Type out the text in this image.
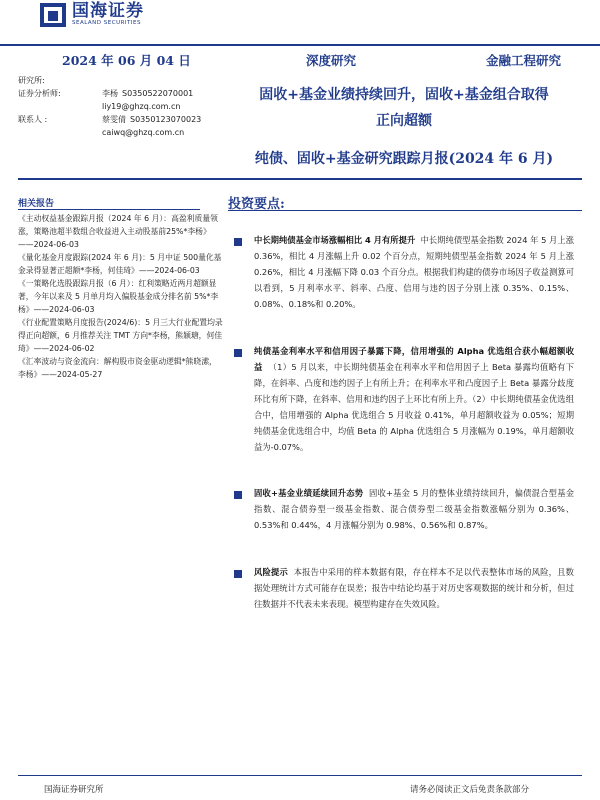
国海证券
SEALAND SECURITIES
2024 年 06 月 04 日	深度研究	金融工程研究
研究所:
证券分析师:	李杨 S0350522070001
liy19@ghzq.com.cn
联系人 :	蔡雯倩 S0350123070023
caiwq@ghzq.com.cn
固收+基金业绩持续回升，固收+基金组合取得
正向超额
纯债、固收+基金研究跟踪月报(2024 年 6 月)
相关报告

《主动权益基金跟踪月报（2024 年 6 月）：高盈利质量领涨，策略池超半数组合收益进入主动股基前25%*李杨》——2024-06-03

《量化基金月度跟踪(2024 年 6 月)：5 月中证 500量化基金录得显著正超额*李杨，何佳琦》——2024-06-03

《一策略化选股跟踪月报（6 月）：红利策略近两月超额显著，今年以来及 5 月单月均入偏股基金成分排名前 5%*李杨》——2024-06-03

《行业配置策略月度报告(2024/6)：5 月三大行业配置均录得正向超额，6 月推荐关注 TMT 方向*李杨，熊颖瑭，何佳琦》——2024-06-02

《汇率波动与资金流向：解构股市资金驱动逻辑*熊晓潆，李杨》——2024-05-27

投资要点:
中长期纯债基金市场涨幅相比 4 月有所提升 中长期纯债型基金指数 2024 年 5 月上涨 0.36%，相比 4 月涨幅上升 0.02 个百分点，短期纯债型基金指数 2024 年 5 月上涨 0.26%，相比 4 月涨幅下降 0.03 个百分点。根据我们构建的债券市场因子收益测算可以看到，5 月利率水平、斜率、凸度、信用与违约因子分别上涨 0.35%、0.15%、0.08%、0.18%和 0.20%。
纯债基金利率水平和信用因子暴露下降，信用增强的 Alpha 优选组合获小幅超额收益 （1）5 月以来，中长期纯债基金在利率水平和信用因子上 Beta 暴露均值略有下降，在斜率、凸度和违约因子上有所上升；在利率水平和凸度因子上 Beta 暴露分歧度环比有所下降，在斜率、信用和违约因子上环比有所上升。（2）中长期纯债基金优选组合中，信用增强的 Alpha 优选组合 5 月收益 0.41%，单月超额收益为 0.05%；短期纯债基金优选组合中，均值 Beta 的 Alpha 优选组合 5 月涨幅为 0.19%，单月超额收益为-0.07%。
固收+基金业绩延续回升态势 固收+基金 5 月的整体业绩持续回升，偏债混合型基金指数、混合债券型一级基金指数、混合债券型二级基金指数涨幅分别为 0.36%、0.53%和 0.44%，4 月涨幅分别为 0.98%、0.56%和 0.87%。
风险提示 本报告中采用的样本数据有限，存在样本不足以代表整体市场的风险，且数据处理统计方式可能存在误差；报告中结论均基于对历史客观数据的统计和分析，但过往数据并不代表未来表现。模型构建存在失效风险。
国海证券研究所	请务必阅读正文后免责条款部分
